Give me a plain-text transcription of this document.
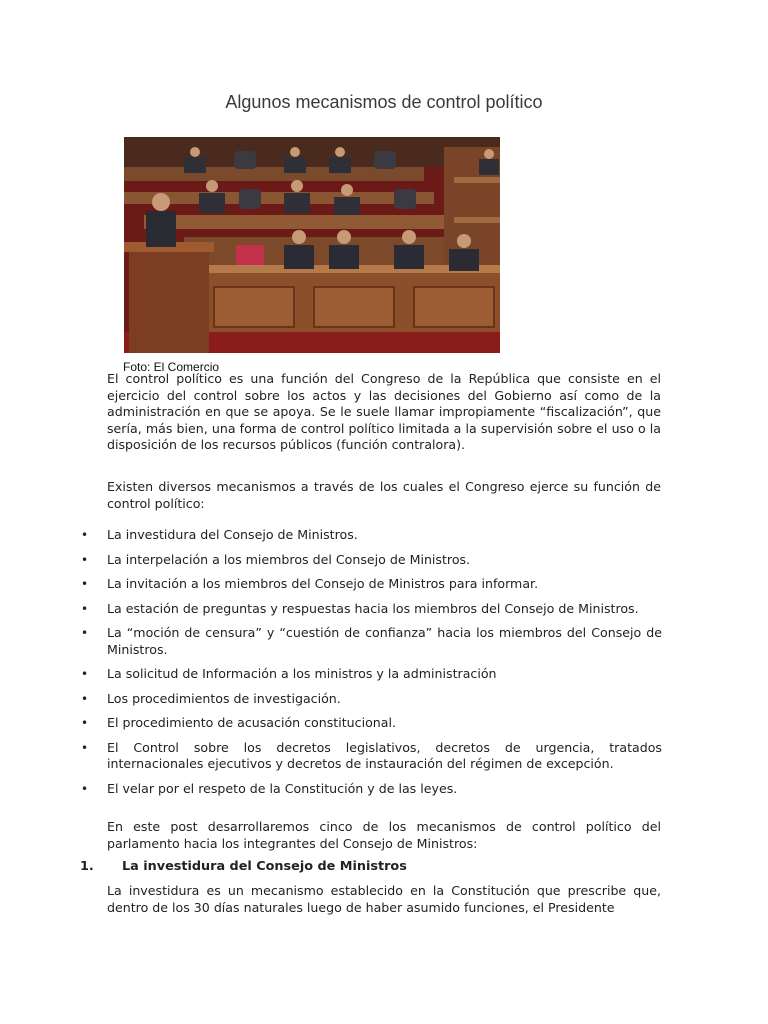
Algunos mecanismos de control político
Foto: El Comercio

El control político es una función del Congreso de la República que consiste en el ejercicio del control sobre los actos y las decisiones del Gobierno así como de la administración en que se apoya. Se le suele llamar impropiamente “fiscalización”, que sería, más bien, una forma de control político limitada a la supervisión sobre el uso o la disposición de los recursos públicos (función contralora).

Existen diversos mecanismos a través de los cuales el Congreso ejerce su función de control político:

• La investidura del Consejo de Ministros.
• La interpelación a los miembros del Consejo de Ministros.
• La invitación a los miembros del Consejo de Ministros para informar.
• La estación de preguntas y respuestas hacia los miembros del Consejo de Ministros.
• La “moción de censura” y “cuestión de confianza” hacia los miembros del Consejo de Ministros.
• La solicitud de Información a los ministros y la administración
• Los procedimientos de investigación.
• El procedimiento de acusación constitucional.
• El Control sobre los decretos legislativos, decretos de urgencia, tratados internacionales ejecutivos y decretos de instauración del régimen de excepción.
• El velar por el respeto de la Constitución y de las leyes.

En este post desarrollaremos cinco de los mecanismos de control político del parlamento hacia los integrantes del Consejo de Ministros:

1. La investidura del Consejo de Ministros

La investidura es un mecanismo establecido en la Constitución que prescribe que, dentro de los 30 días naturales luego de haber asumido funciones, el Presidente
